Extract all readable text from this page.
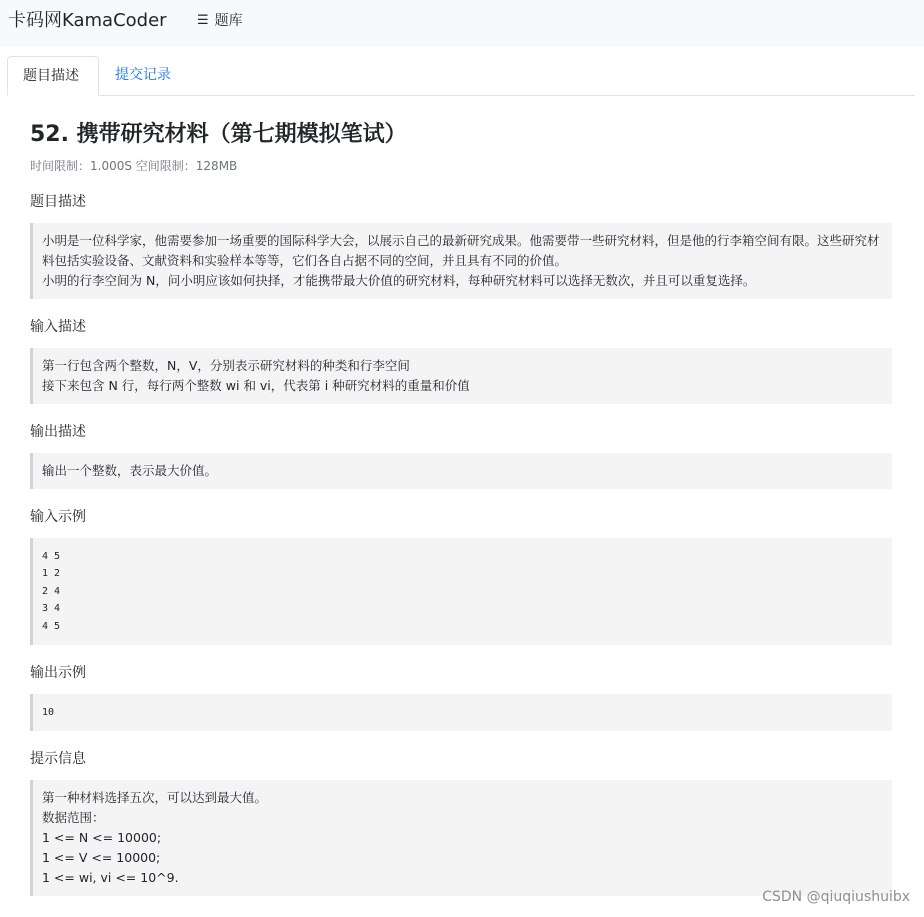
卡码网KamaCoder ☰ 题库
题目描述	提交记录
52. 携带研究材料（第七期模拟笔试）
时间限制：1.000S 空间限制：128MB
题目描述

小明是一位科学家，他需要参加一场重要的国际科学大会，以展示自己的最新研究成果。他需要带一些研究材料，但是他的行李箱空间有限。这些研究材料包括实验设备、文献资料和实验样本等等，它们各自占据不同的空间，并且具有不同的价值。

小明的行李空间为 N，问小明应该如何抉择，才能携带最大价值的研究材料，每种研究材料可以选择无数次，并且可以重复选择。

输入描述

第一行包含两个整数，N，V，分别表示研究材料的种类和行李空间

接下来包含 N 行，每行两个整数 wi 和 vi，代表第 i 种研究材料的重量和价值

输出描述

输出一个整数，表示最大价值。

输入示例
4 5
1 2
2 4
3 4
4 5
输出示例
10
提示信息

第一种材料选择五次，可以达到最大值。

数据范围：

1 <= N <= 10000;

1 <= V <= 10000;

1 <= wi, vi <= 10^9.

CSDN @qiuqiushuibx
